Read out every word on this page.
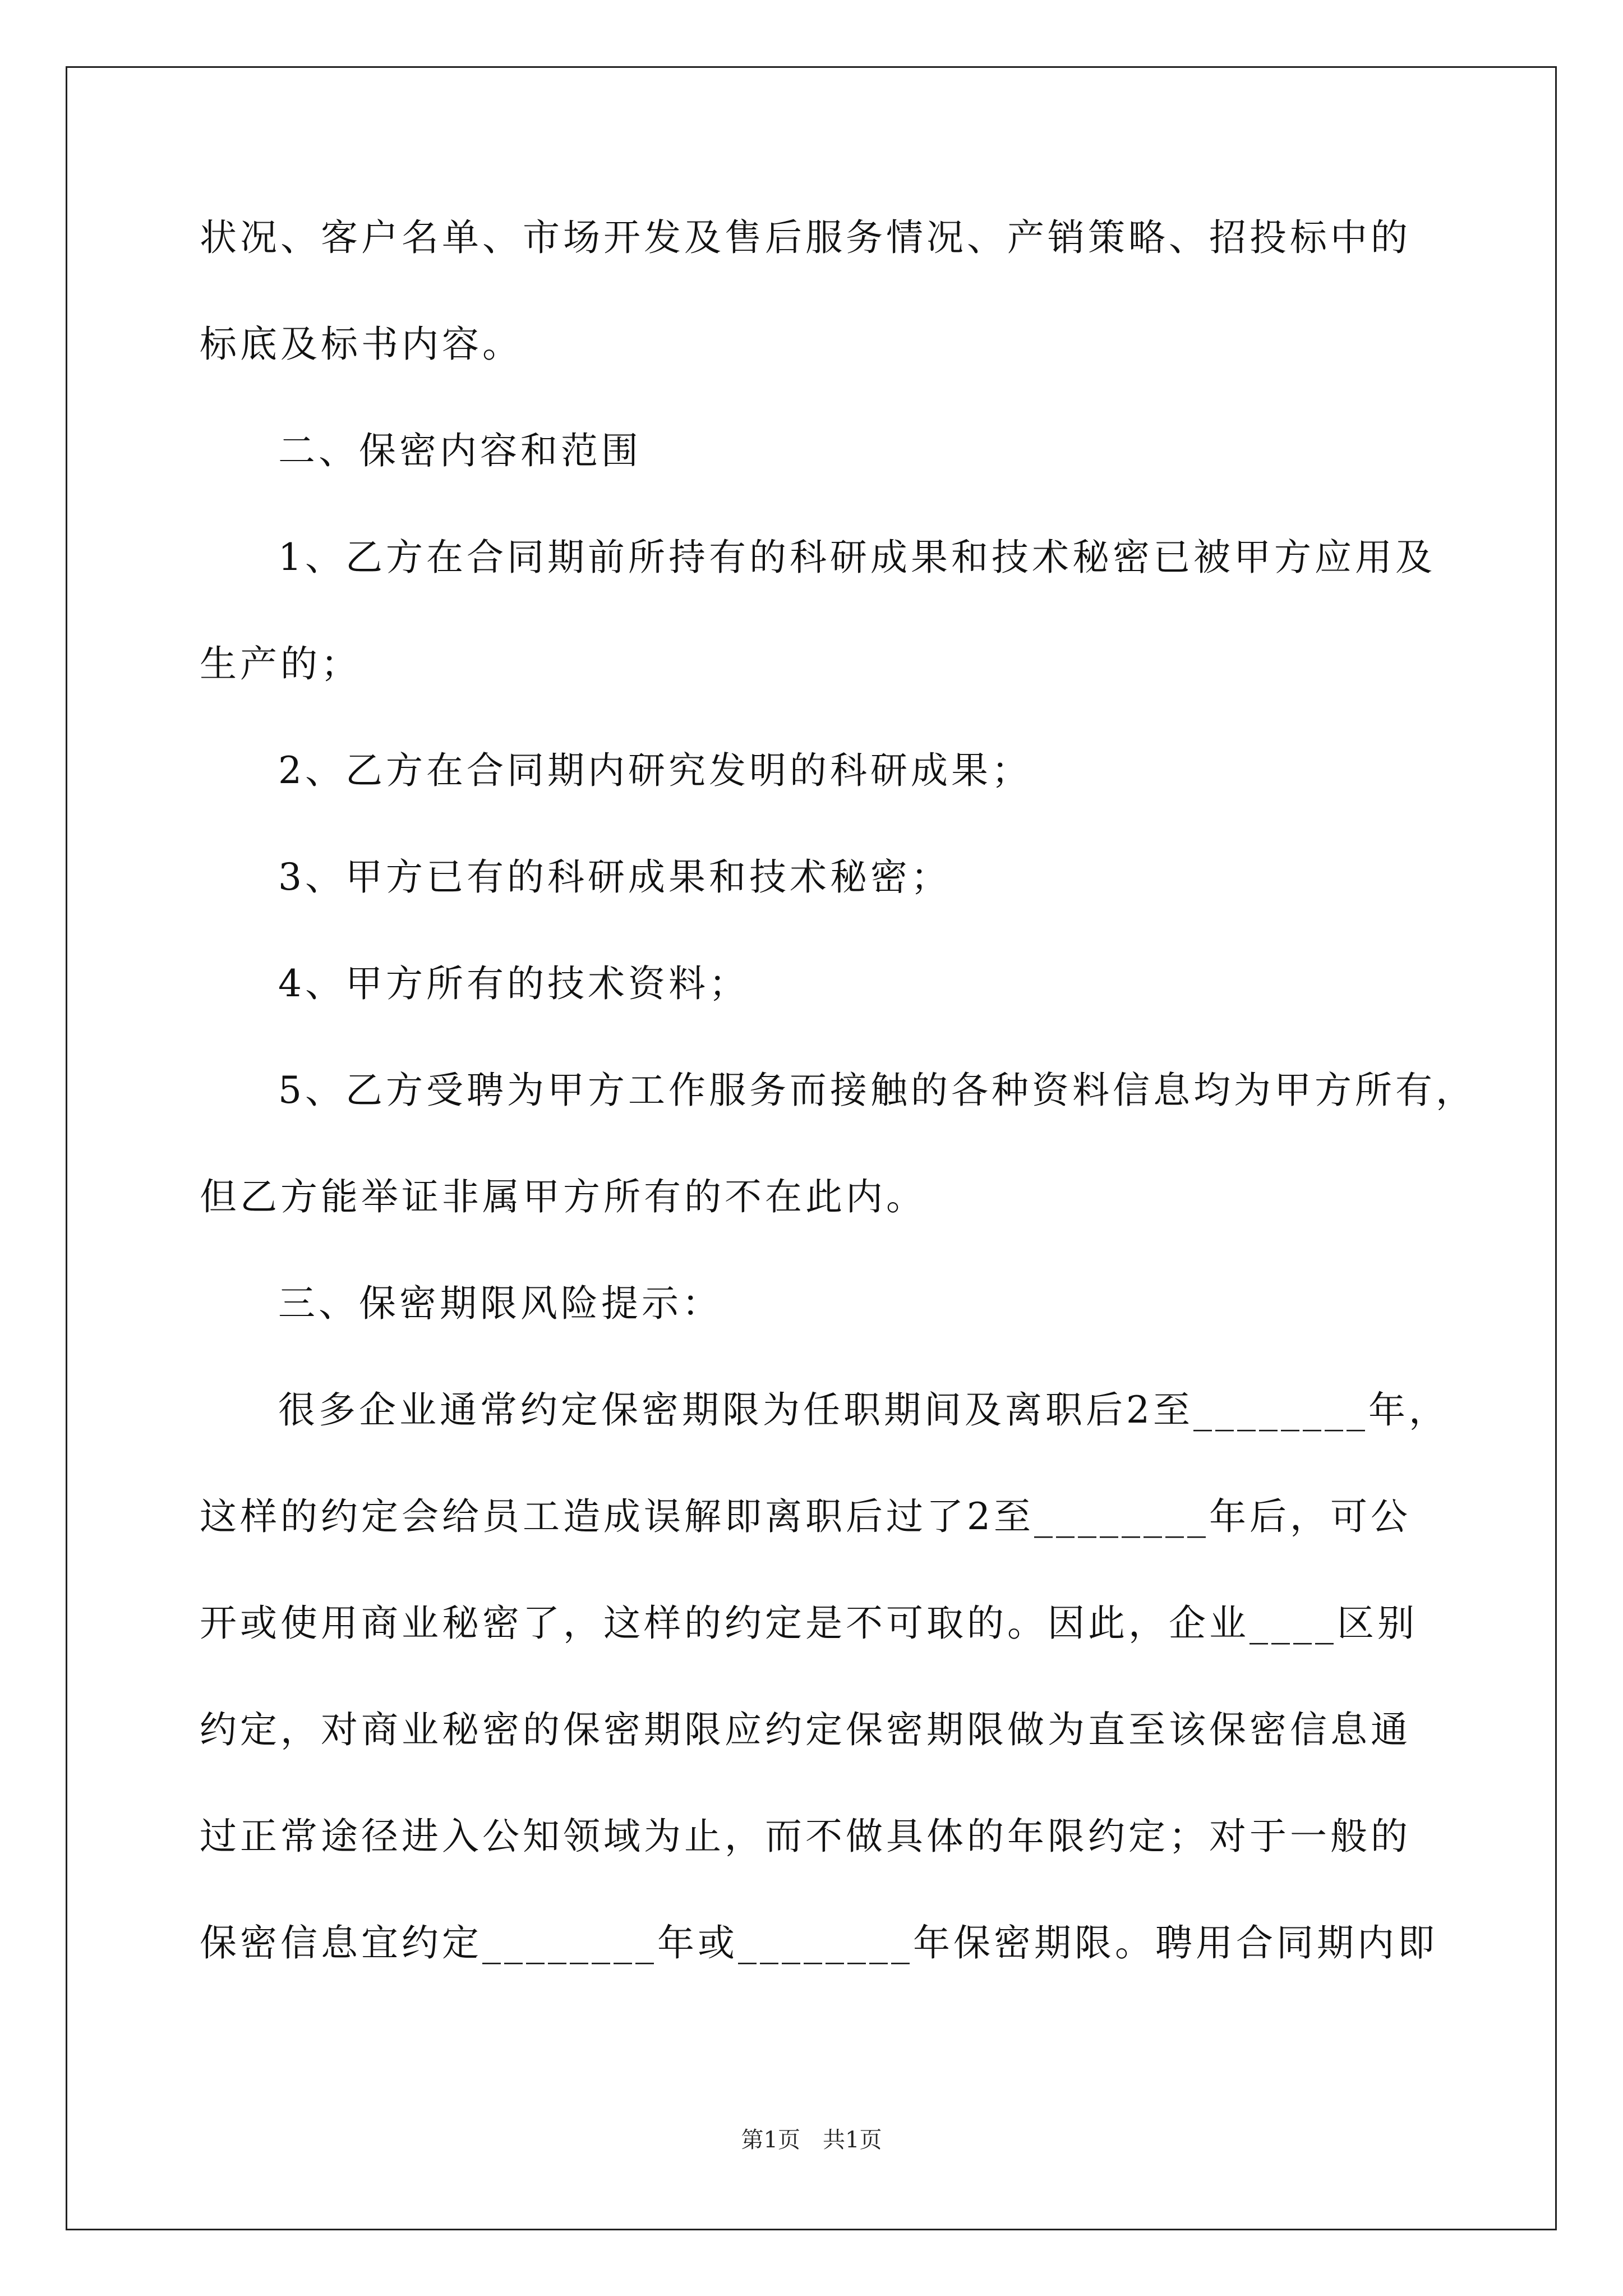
状况、客户名单、市场开发及售后服务情况、产销策略、招投标中的
标底及标书内容。
二、保密内容和范围
1、乙方在合同期前所持有的科研成果和技术秘密已被甲方应用及
生产的；
2、乙方在合同期内研究发明的科研成果；
3、甲方已有的科研成果和技术秘密；
4、甲方所有的技术资料；
5、乙方受聘为甲方工作服务而接触的各种资料信息均为甲方所有，
但乙方能举证非属甲方所有的不在此内。
三、保密期限风险提示：
很多企业通常约定保密期限为任职期间及离职后2至________年，
这样的约定会给员工造成误解即离职后过了2至________年后，可公
开或使用商业秘密了，这样的约定是不可取的。因此，企业____区别
约定，对商业秘密的保密期限应约定保密期限做为直至该保密信息通
过正常途径进入公知领域为止，而不做具体的年限约定；对于一般的
保密信息宜约定________年或________年保密期限。聘用合同期内即
第1页　共1页
